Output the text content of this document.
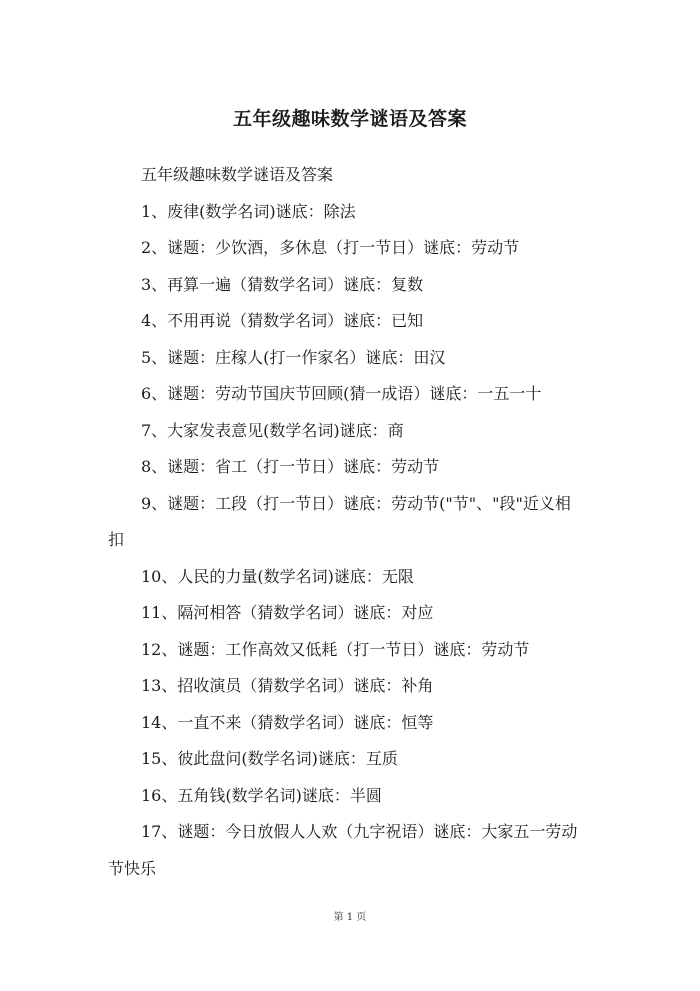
五年级趣味数学谜语及答案

五年级趣味数学谜语及答案

1、废律(数学名词)谜底：除法

2、谜题：少饮酒，多休息（打一节日）谜底：劳动节

3、再算一遍（猜数学名词）谜底：复数

4、不用再说（猜数学名词）谜底：已知

5、谜题：庄稼人(打一作家名）谜底：田汉

6、谜题：劳动节国庆节回顾(猜一成语）谜底：一五一十

7、大家发表意见(数学名词)谜底：商

8、谜题：省工（打一节日）谜底：劳动节

9、谜题：工段（打一节日）谜底：劳动节("节"、"段"近义相扣

10、人民的力量(数学名词)谜底：无限

11、隔河相答（猜数学名词）谜底：对应

12、谜题：工作高效又低耗（打一节日）谜底：劳动节

13、招收演员（猜数学名词）谜底：补角

14、一直不来（猜数学名词）谜底：恒等

15、彼此盘问(数学名词)谜底：互质

16、五角钱(数学名词)谜底：半圆

17、谜题：今日放假人人欢（九字祝语）谜底：大家五一劳动节快乐

第 1 页
